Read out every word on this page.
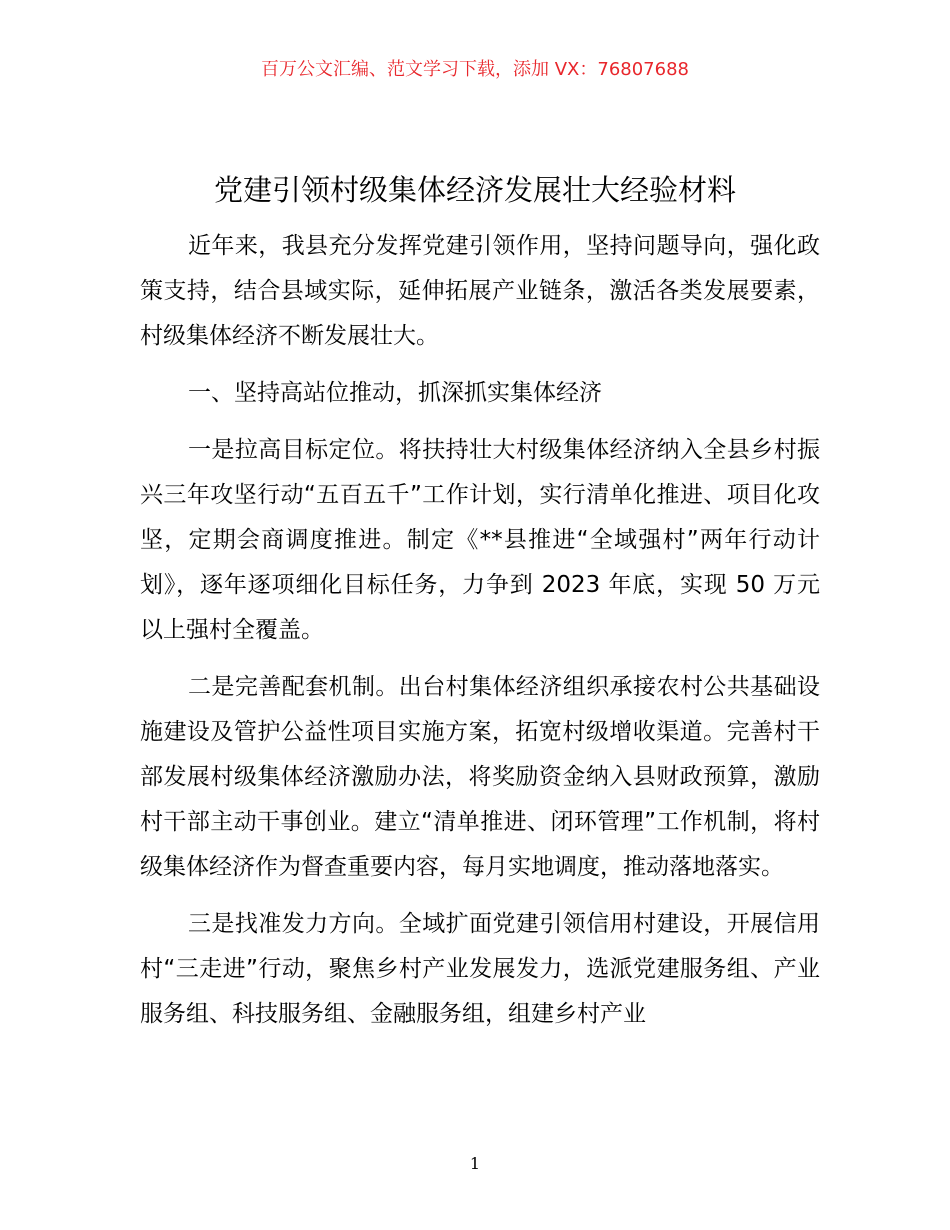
百万公文汇编、范文学习下载，添加 VX：76807688
党建引领村级集体经济发展壮大经验材料

近年来，我县充分发挥党建引领作用，坚持问题导向，强化政策支持，结合县域实际，延伸拓展产业链条，激活各类发展要素，村级集体经济不断发展壮大。

一、坚持高站位推动，抓深抓实集体经济

一是拉高目标定位。将扶持壮大村级集体经济纳入全县乡村振兴三年攻坚行动“五百五千”工作计划，实行清单化推进、项目化攻坚，定期会商调度推进。制定《**县推进“全域强村”两年行动计划》，逐年逐项细化目标任务，力争到 2023 年底，实现 50 万元以上强村全覆盖。

二是完善配套机制。出台村集体经济组织承接农村公共基础设施建设及管护公益性项目实施方案，拓宽村级增收渠道。完善村干部发展村级集体经济激励办法，将奖励资金纳入县财政预算，激励村干部主动干事创业。建立“清单推进、闭环管理”工作机制，将村级集体经济作为督查重要内容，每月实地调度，推动落地落实。

三是找准发力方向。全域扩面党建引领信用村建设，开展信用村“三走进”行动，聚焦乡村产业发展发力，选派党建服务组、产业服务组、科技服务组、金融服务组，组建乡村产业

1
